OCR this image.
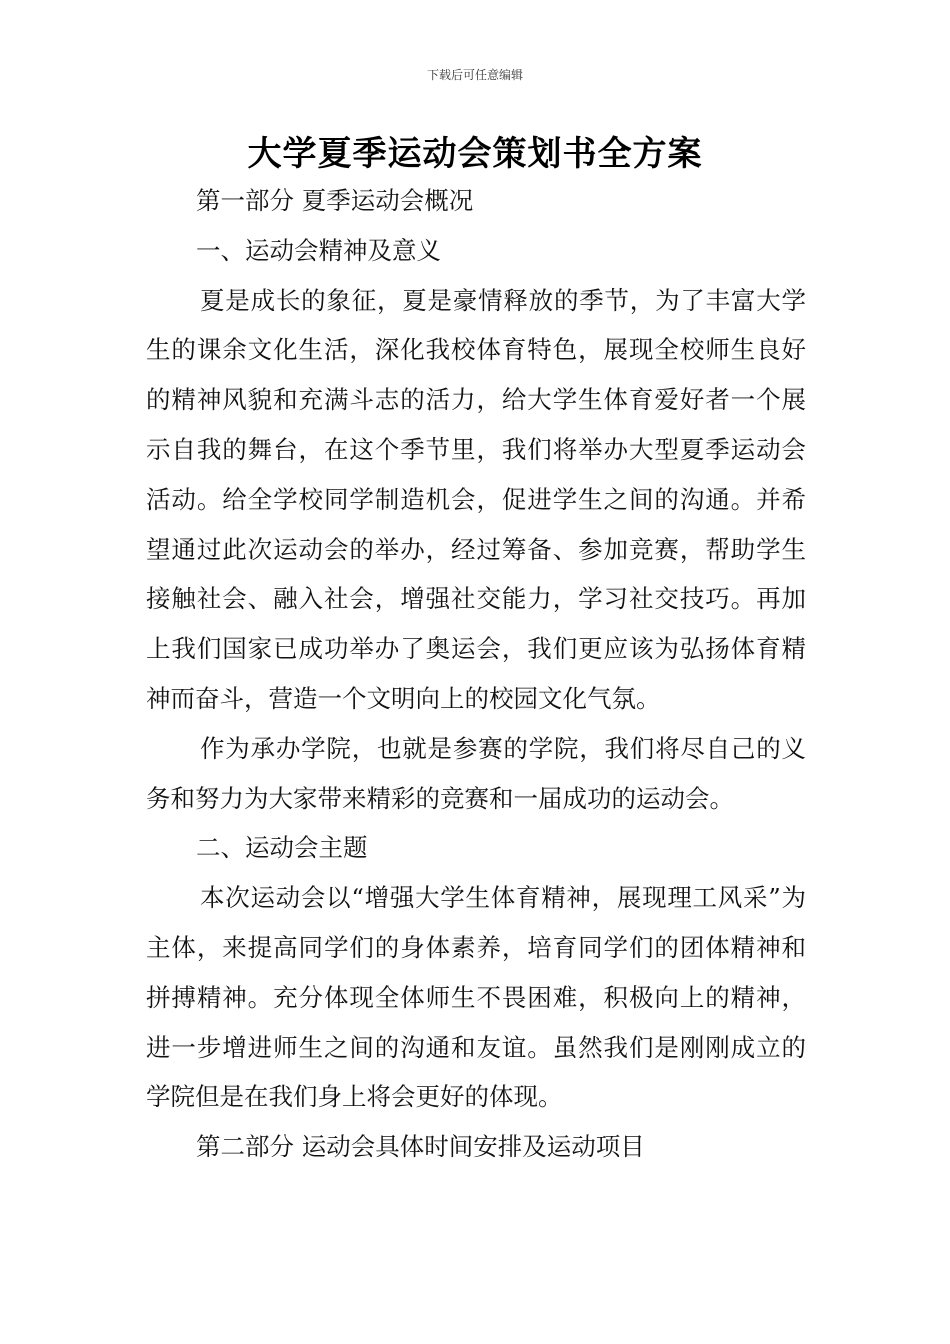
下载后可任意编辑
大学夏季运动会策划书全方案

第一部分 夏季运动会概况

一、运动会精神及意义

夏是成长的象征，夏是豪情释放的季节，为了丰富大学生的课余文化生活，深化我校体育特色，展现全校师生良好的精神风貌和充满斗志的活力，给大学生体育爱好者一个展示自我的舞台，在这个季节里，我们将举办大型夏季运动会活动。给全学校同学制造机会，促进学生之间的沟通。并希望通过此次运动会的举办，经过筹备、参加竞赛，帮助学生接触社会、融入社会，增强社交能力，学习社交技巧。再加上我们国家已成功举办了奥运会，我们更应该为弘扬体育精神而奋斗，营造一个文明向上的校园文化气氛。

作为承办学院，也就是参赛的学院，我们将尽自己的义务和努力为大家带来精彩的竞赛和一届成功的运动会。

二、运动会主题

本次运动会以“增强大学生体育精神，展现理工风采”为主体，来提高同学们的身体素养，培育同学们的团体精神和拼搏精神。充分体现全体师生不畏困难，积极向上的精神，进一步增进师生之间的沟通和友谊。虽然我们是刚刚成立的学院但是在我们身上将会更好的体现。

第二部分 运动会具体时间安排及运动项目
